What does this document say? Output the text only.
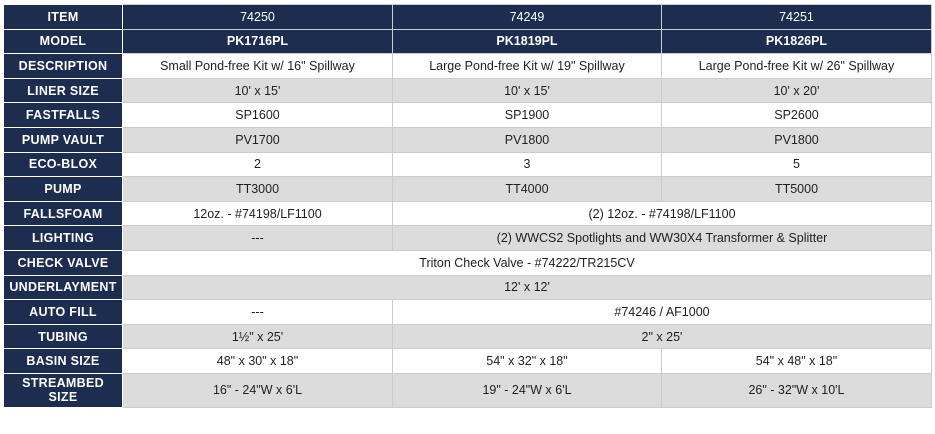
ITEM	74250	74249	74251
MODEL	PK1716PL	PK1819PL	PK1826PL
DESCRIPTION	Small Pond-free Kit w/ 16" Spillway	Large Pond-free Kit w/ 19" Spillway	Large Pond-free Kit w/ 26" Spillway
LINER SIZE	10' x 15'	10' x 15'	10' x 20'
FASTFALLS	SP1600	SP1900	SP2600
PUMP VAULT	PV1700	PV1800	PV1800
ECO-BLOX	2	3	5
PUMP	TT3000	TT4000	TT5000
FALLSFOAM	12oz. - #74198/LF1100	(2) 12oz. - #74198/LF1100	
LIGHTING	---	(2) WWCS2 Spotlights and WW30X4 Transformer & Splitter	
CHECK VALVE	Triton Check Valve - #74222/TR215CV		
UNDERLAYMENT	12' x 12'		
AUTO FILL	---	#74246 / AF1000	
TUBING	1½" x 25'	2" x 25'	
BASIN SIZE	48" x 30" x 18"	54" x 32" x 18"	54" x 48" x 18"
STREAMBED
SIZE	16" - 24"W x 6'L	19" - 24"W x 6'L	26" - 32"W x 10'L
